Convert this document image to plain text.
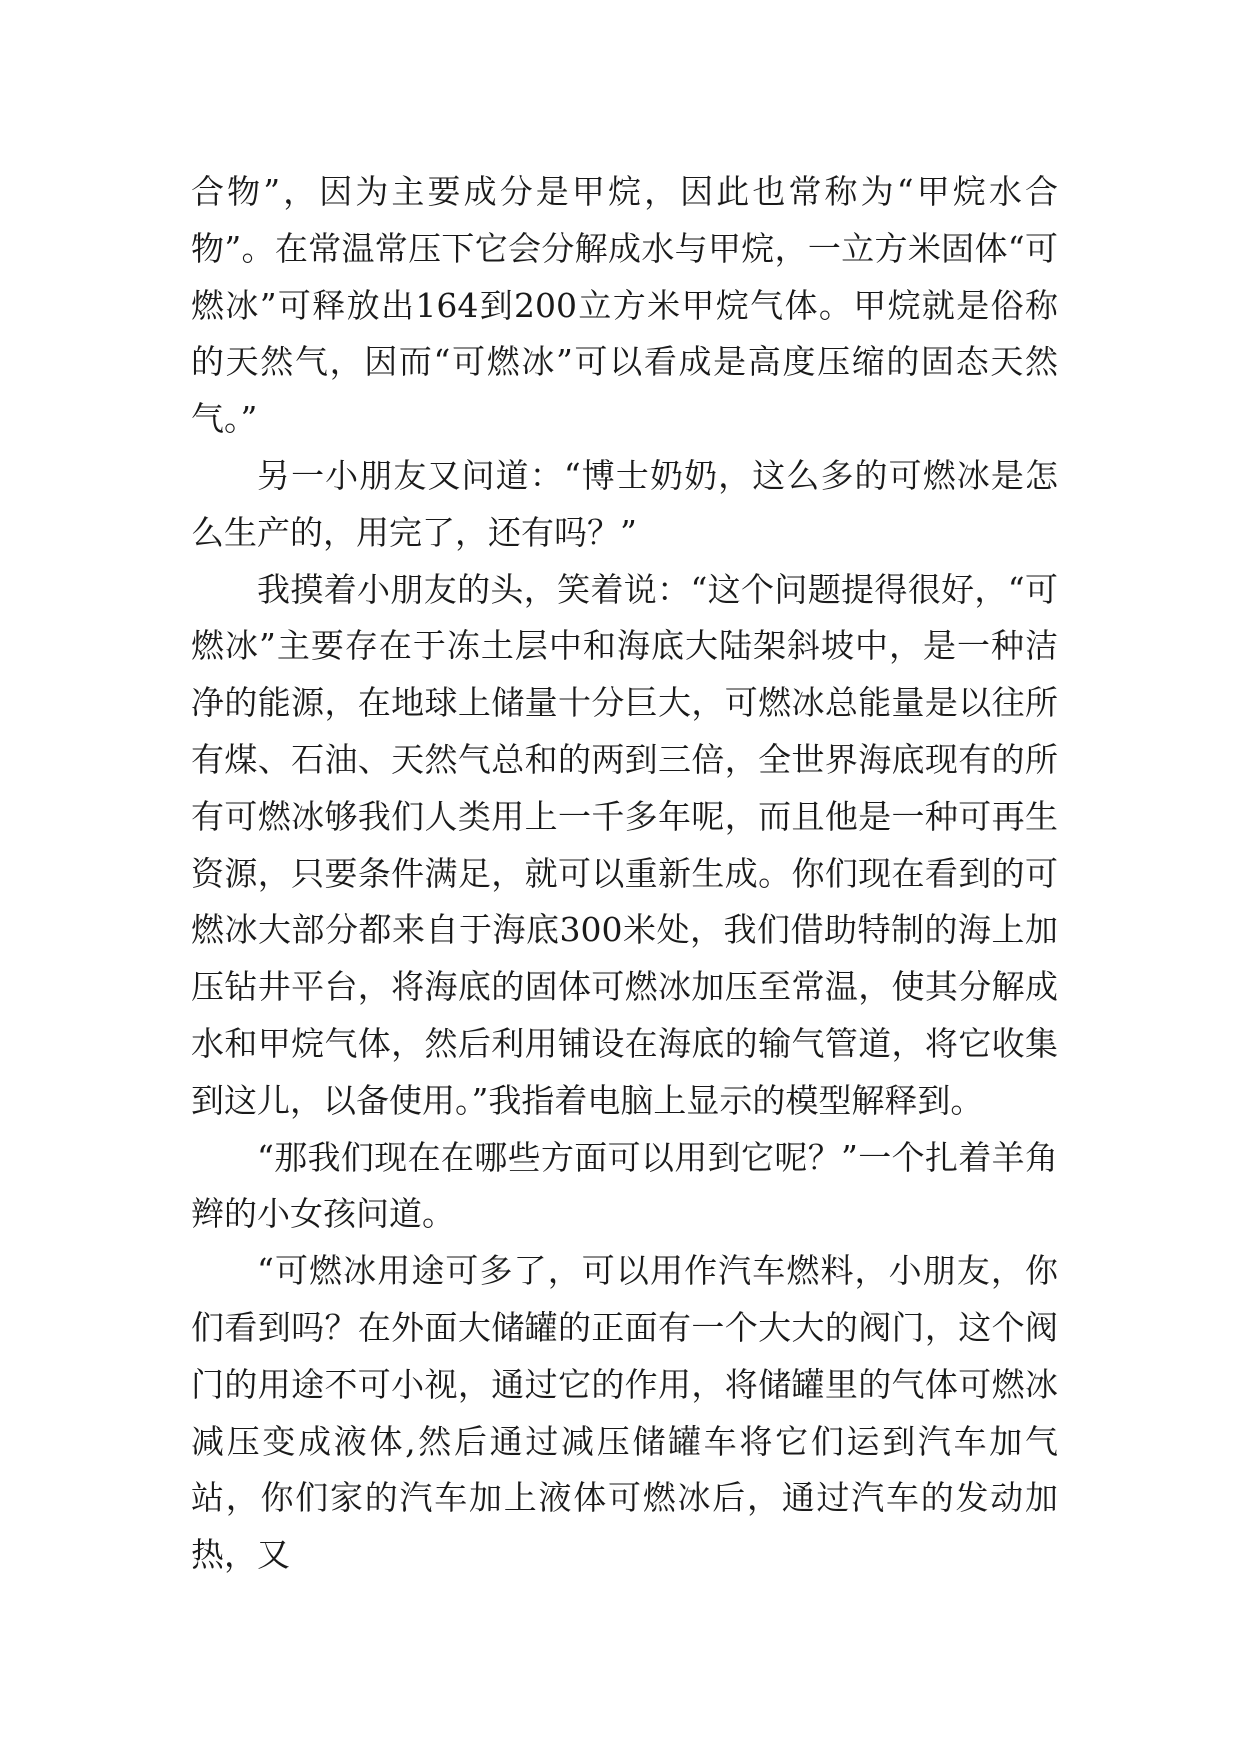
合物”，因为主要成分是甲烷，因此也常称为“甲烷水合物”。在常温常压下它会分解成水与甲烷，一立方米固体“可燃冰”可释放出164到200立方米甲烷气体。甲烷就是俗称的天然气，因而“可燃冰”可以看成是高度压缩的固态天然气。”

另一小朋友又问道：“博士奶奶，这么多的可燃冰是怎么生产的，用完了，还有吗？”

我摸着小朋友的头，笑着说：“这个问题提得很好，“可燃冰”主要存在于冻土层中和海底大陆架斜坡中，是一种洁净的能源，在地球上储量十分巨大，可燃冰总能量是以往所有煤、石油、天然气总和的两到三倍，全世界海底现有的所有可燃冰够我们人类用上一千多年呢，而且他是一种可再生资源，只要条件满足，就可以重新生成。你们现在看到的可燃冰大部分都来自于海底300米处，我们借助特制的海上加压钻井平台，将海底的固体可燃冰加压至常温，使其分解成水和甲烷气体，然后利用铺设在海底的输气管道，将它收集到这儿，以备使用。”我指着电脑上显示的模型解释到。

“那我们现在在哪些方面可以用到它呢？”一个扎着羊角辫的小女孩问道。

“可燃冰用途可多了，可以用作汽车燃料，小朋友，你们看到吗？在外面大储罐的正面有一个大大的阀门，这个阀门的用途不可小视，通过它的作用，将储罐里的气体可燃冰减压变成液体,然后通过减压储罐车将它们运到汽车加气站，你们家的汽车加上液体可燃冰后，通过汽车的发动加热，又
